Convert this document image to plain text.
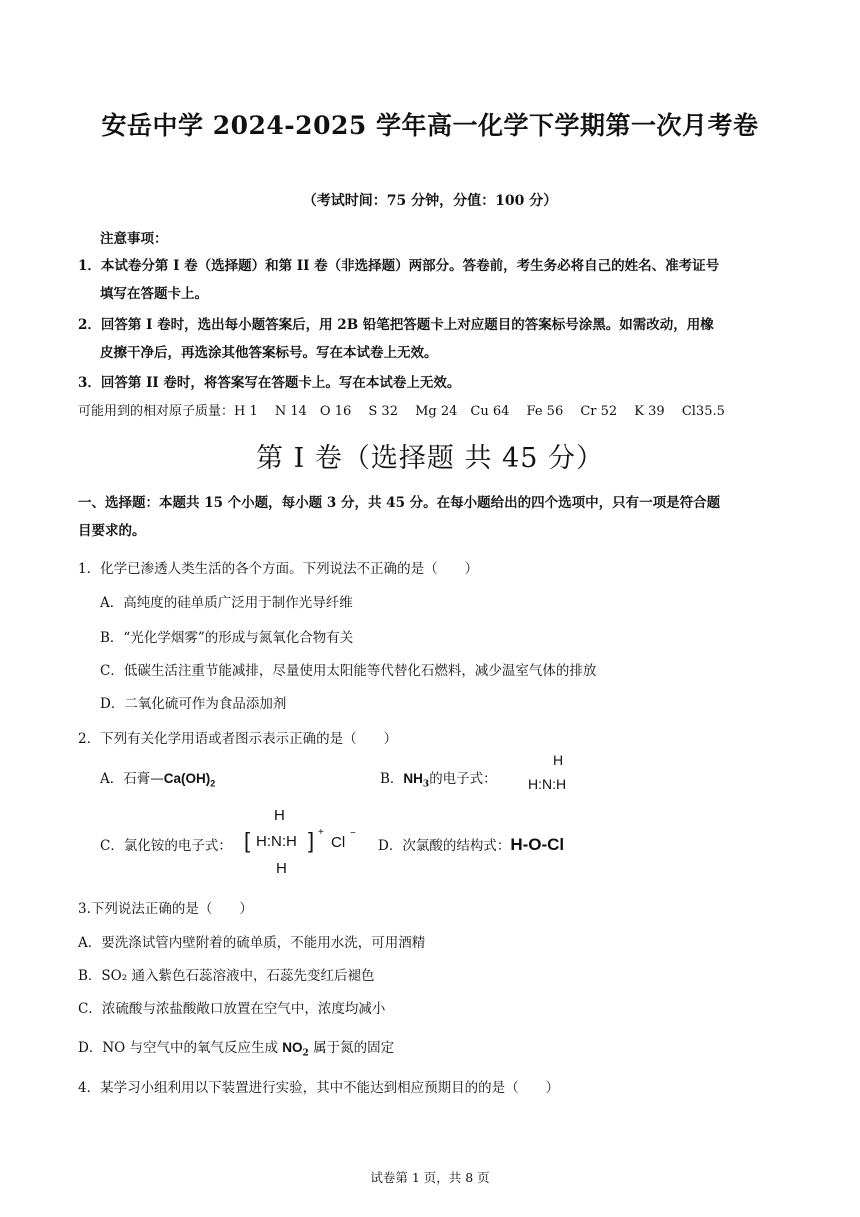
安岳中学 2024-2025 学年高一化学下学期第一次月考卷
（考试时间：75 分钟，分值：100 分）
注意事项：
1．本试卷分第 I 卷（选择题）和第 II 卷（非选择题）两部分。答卷前，考生务必将自己的姓名、准考证号
填写在答题卡上。
2．回答第 I 卷时，选出每小题答案后，用 2B 铅笔把答题卡上对应题目的答案标号涂黑。如需改动，用橡
皮擦干净后，再选涂其他答案标号。写在本试卷上无效。
3．回答第 II 卷时，将答案写在答题卡上。写在本试卷上无效。
可能用到的相对原子质量：H 1　 N 14　O 16　 S 32　 Mg 24　Cu 64　 Fe 56　 Cr 52　 K 39　 Cl35.5
第 I 卷（选择题 共 45 分）
一、选择题：本题共 15 个小题，每小题 3 分，共 45 分。在每小题给出的四个选项中，只有一项是符合题
目要求的。
1．化学已渗透人类生活的各个方面。下列说法不正确的是（　　）
A．高纯度的硅单质广泛用于制作光导纤维
B．“光化学烟雾”的形成与氮氧化合物有关
C．低碳生活注重节能减排，尽量使用太阳能等代替化石燃料，减少温室气体的排放
D．二氧化硫可作为食品添加剂
2．下列有关化学用语或者图示表示正确的是（　　）
A．石膏$—Ca(OH)_2$	B．$NH_3$的电子式：
H
H:N:H
C．氯化铵的电子式：
H
[ H:N:H ] +
Cl
−
H
D．次氯酸的结构式：H-O-Cl
3.下列说法正确的是（　　）
A．要洗涤试管内壁附着的硫单质，不能用水洗，可用酒精
B．SO₂ 通入紫色石蕊溶液中，石蕊先变红后褪色
C．浓硫酸与浓盐酸敞口放置在空气中，浓度均减小
D．NO 与空气中的氧气反应生成 $NO_2$ 属于氮的固定
4．某学习小组利用以下装置进行实验，其中不能达到相应预期目的的是（　　）
试卷第 1 页，共 8 页
